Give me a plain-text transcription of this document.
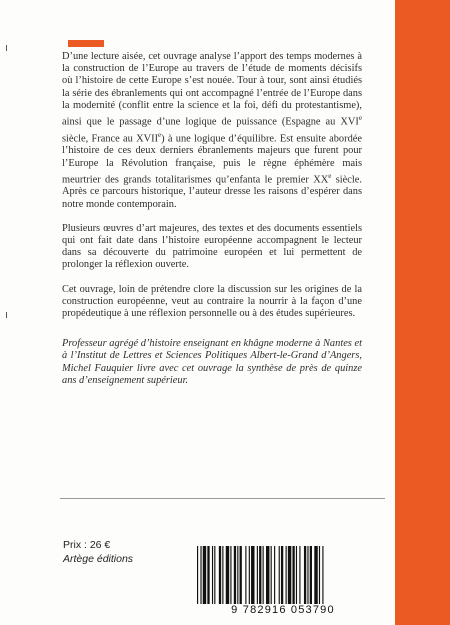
D’une lecture aisée, cet ouvrage analyse l’apport des temps modernes à la construction de l’Europe au travers de l’étude de moments décisifs où l’histoire de cette Europe s’est nouée. Tour à tour, sont ainsi étudiés la série des ébranlements qui ont accompagné l’entrée de l’Europe dans la modernité (conflit entre la science et la foi, défi du protestantisme), ainsi que le passage d’une logique de puissance (Espagne au XVIe siècle, France au XVIIe) à une logique d’équilibre. Est ensuite abordée l’histoire de ces deux derniers ébranlements majeurs que furent pour l’Europe la Révolution française, puis le règne éphémère mais meurtrier des grands totalitarismes qu’enfanta le premier XXe siècle. Après ce parcours historique, l’auteur dresse les raisons d’espérer dans notre monde contemporain.

Plusieurs œuvres d’art majeures, des textes et des documents essentiels qui ont fait date dans l’histoire européenne accompagnent le lecteur dans sa découverte du patrimoine européen et lui permettent de prolonger la réflexion ouverte.

Cet ouvrage, loin de prétendre clore la discussion sur les origines de la construction européenne, veut au contraire la nourrir à la façon d’une propédeutique à une réflexion personnelle ou à des études supérieures.

Professeur agrégé d’histoire enseignant en khâgne moderne à Nantes et à l’Institut de Lettres et Sciences Politiques Albert-le-Grand d’Angers, Michel Fauquier livre avec cet ouvrage la synthèse de près de quinze ans d’enseignement supérieur.

Prix : 26 €
Artège éditions
9 782916 053790
